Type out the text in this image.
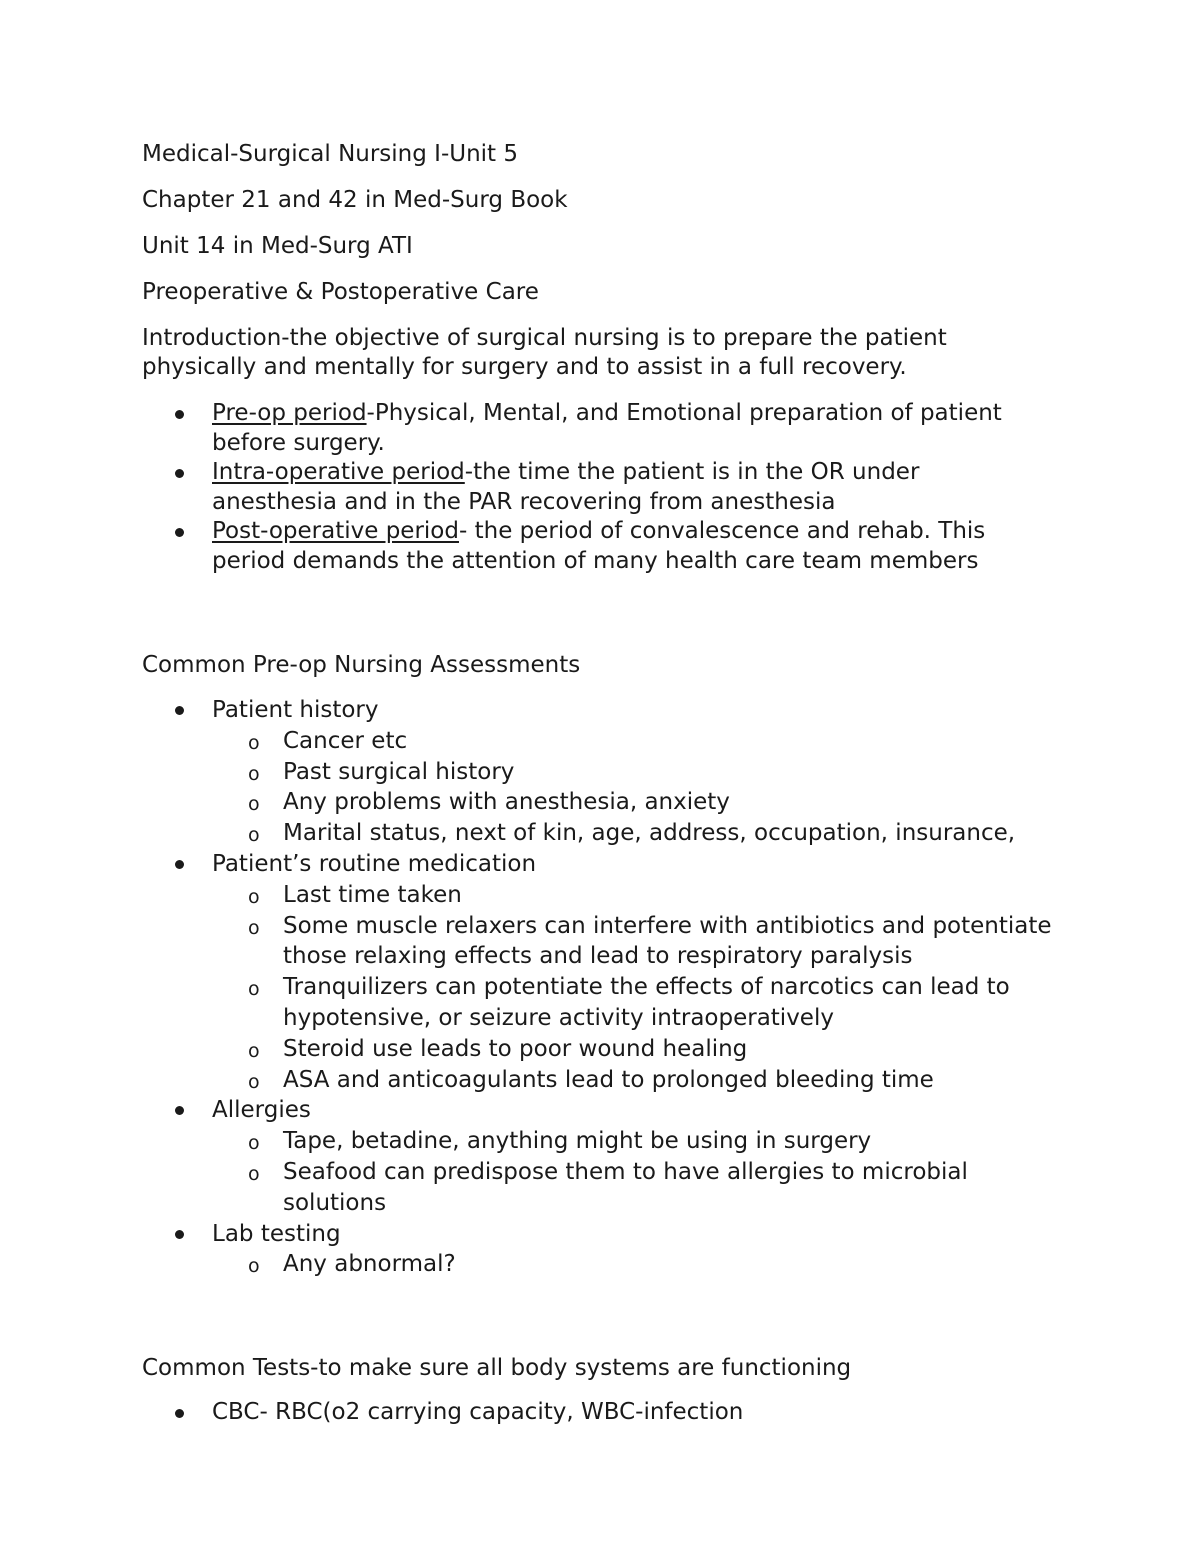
Medical-Surgical Nursing I-Unit 5

Chapter 21 and 42 in Med-Surg Book

Unit 14 in Med-Surg ATI

Preoperative & Postoperative Care

Introduction-the objective of surgical nursing is to prepare the patient physically and mentally for surgery and to assist in a full recovery.

Pre-op period-Physical, Mental, and Emotional preparation of patient before surgery.
Intra-operative period-the time the patient is in the OR under anesthesia and in the PAR recovering from anesthesia
Post-operative period- the period of convalescence and rehab. This period demands the attention of many health care team members

Common Pre-op Nursing Assessments

Patient history
o Cancer etc
o Past surgical history
o Any problems with anesthesia, anxiety
o Marital status, next of kin, age, address, occupation, insurance,
Patient’s routine medication
o Last time taken
o Some muscle relaxers can interfere with antibiotics and potentiate those relaxing effects and lead to respiratory paralysis
o Tranquilizers can potentiate the effects of narcotics can lead to hypotensive, or seizure activity intraoperatively
o Steroid use leads to poor wound healing
o ASA and anticoagulants lead to prolonged bleeding time
Allergies
o Tape, betadine, anything might be using in surgery
o Seafood can predispose them to have allergies to microbial solutions
Lab testing
o Any abnormal?

Common Tests-to make sure all body systems are functioning

CBC- RBC(o2 carrying capacity, WBC-infection
